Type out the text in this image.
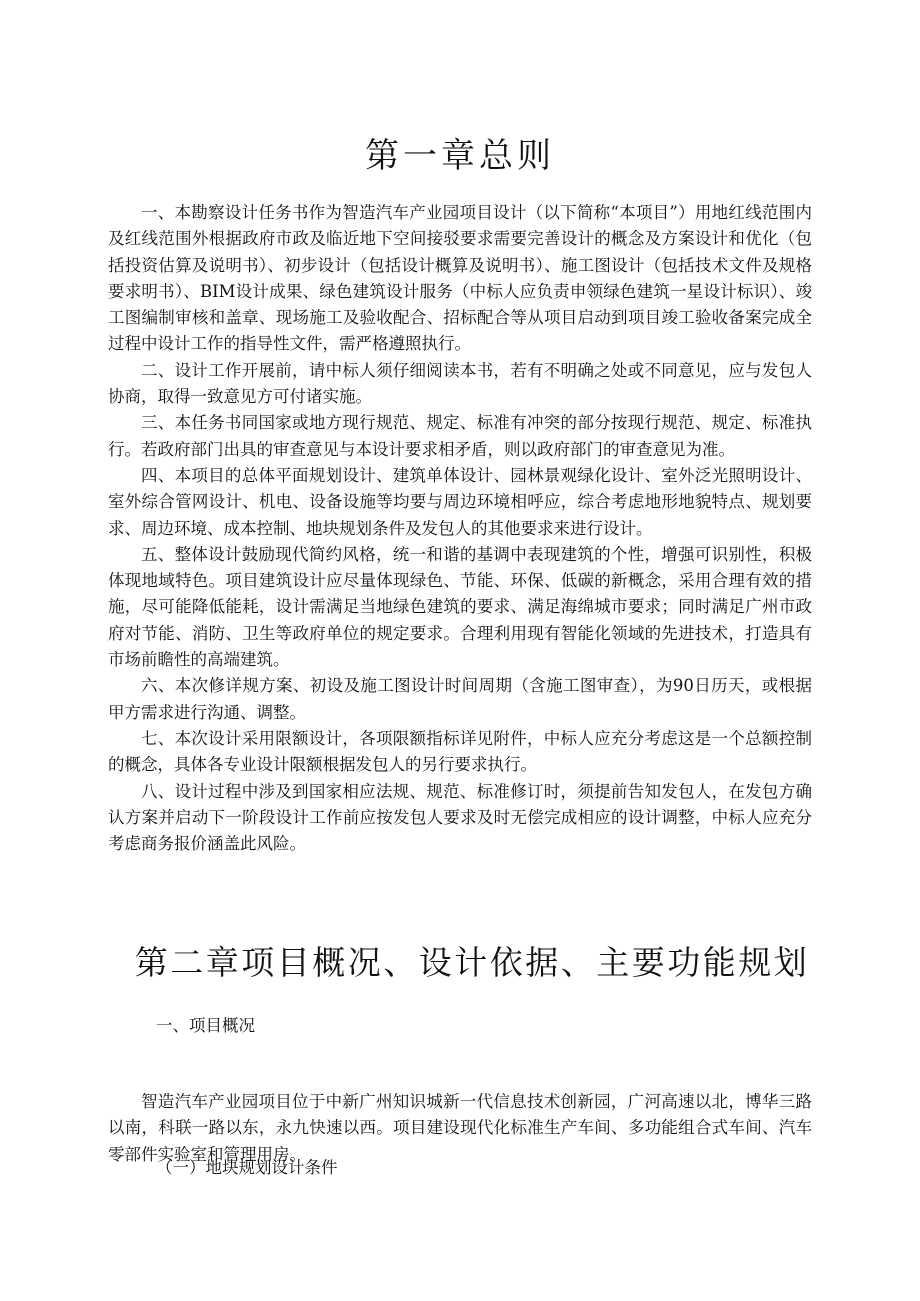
第一章总则

一、本勘察设计任务书作为智造汽车产业园项目设计（以下简称“本项目”）用地红线范围内及红线范围外根据政府市政及临近地下空间接驳要求需要完善设计的概念及方案设计和优化（包括投资估算及说明书）、初步设计（包括设计概算及说明书）、施工图设计（包括技术文件及规格要求明书）、BIM设计成果、绿色建筑设计服务（中标人应负责申领绿色建筑一星设计标识）、竣工图编制审核和盖章、现场施工及验收配合、招标配合等从项目启动到项目竣工验收备案完成全过程中设计工作的指导性文件，需严格遵照执行。

二、设计工作开展前，请中标人须仔细阅读本书，若有不明确之处或不同意见，应与发包人协商，取得一致意见方可付诸实施。

三、本任务书同国家或地方现行规范、规定、标准有冲突的部分按现行规范、规定、标准执行。若政府部门出具的审查意见与本设计要求相矛盾，则以政府部门的审查意见为准。

四、本项目的总体平面规划设计、建筑单体设计、园林景观绿化设计、室外泛光照明设计、室外综合管网设计、机电、设备设施等均要与周边环境相呼应，综合考虑地形地貌特点、规划要求、周边环境、成本控制、地块规划条件及发包人的其他要求来进行设计。

五、整体设计鼓励现代简约风格，统一和谐的基调中表现建筑的个性，增强可识别性，积极体现地域特色。项目建筑设计应尽量体现绿色、节能、环保、低碳的新概念，采用合理有效的措施，尽可能降低能耗，设计需满足当地绿色建筑的要求、满足海绵城市要求；同时满足广州市政府对节能、消防、卫生等政府单位的规定要求。合理利用现有智能化领域的先进技术，打造具有市场前瞻性的高端建筑。

六、本次修详规方案、初设及施工图设计时间周期（含施工图审查），为90日历天，或根据甲方需求进行沟通、调整。

七、本次设计采用限额设计，各项限额指标详见附件，中标人应充分考虑这是一个总额控制的概念，具体各专业设计限额根据发包人的另行要求执行。

八、设计过程中涉及到国家相应法规、规范、标准修订时，须提前告知发包人，在发包方确认方案并启动下一阶段设计工作前应按发包人要求及时无偿完成相应的设计调整，中标人应充分考虑商务报价涵盖此风险。

第二章项目概况、设计依据、主要功能规划
一、项目概况

智造汽车产业园项目位于中新广州知识城新一代信息技术创新园，广河高速以北，博华三路以南，科联一路以东，永九快速以西。项目建设现代化标准生产车间、多功能组合式车间、汽车零部件实验室和管理用房。

（一）地块规划设计条件
